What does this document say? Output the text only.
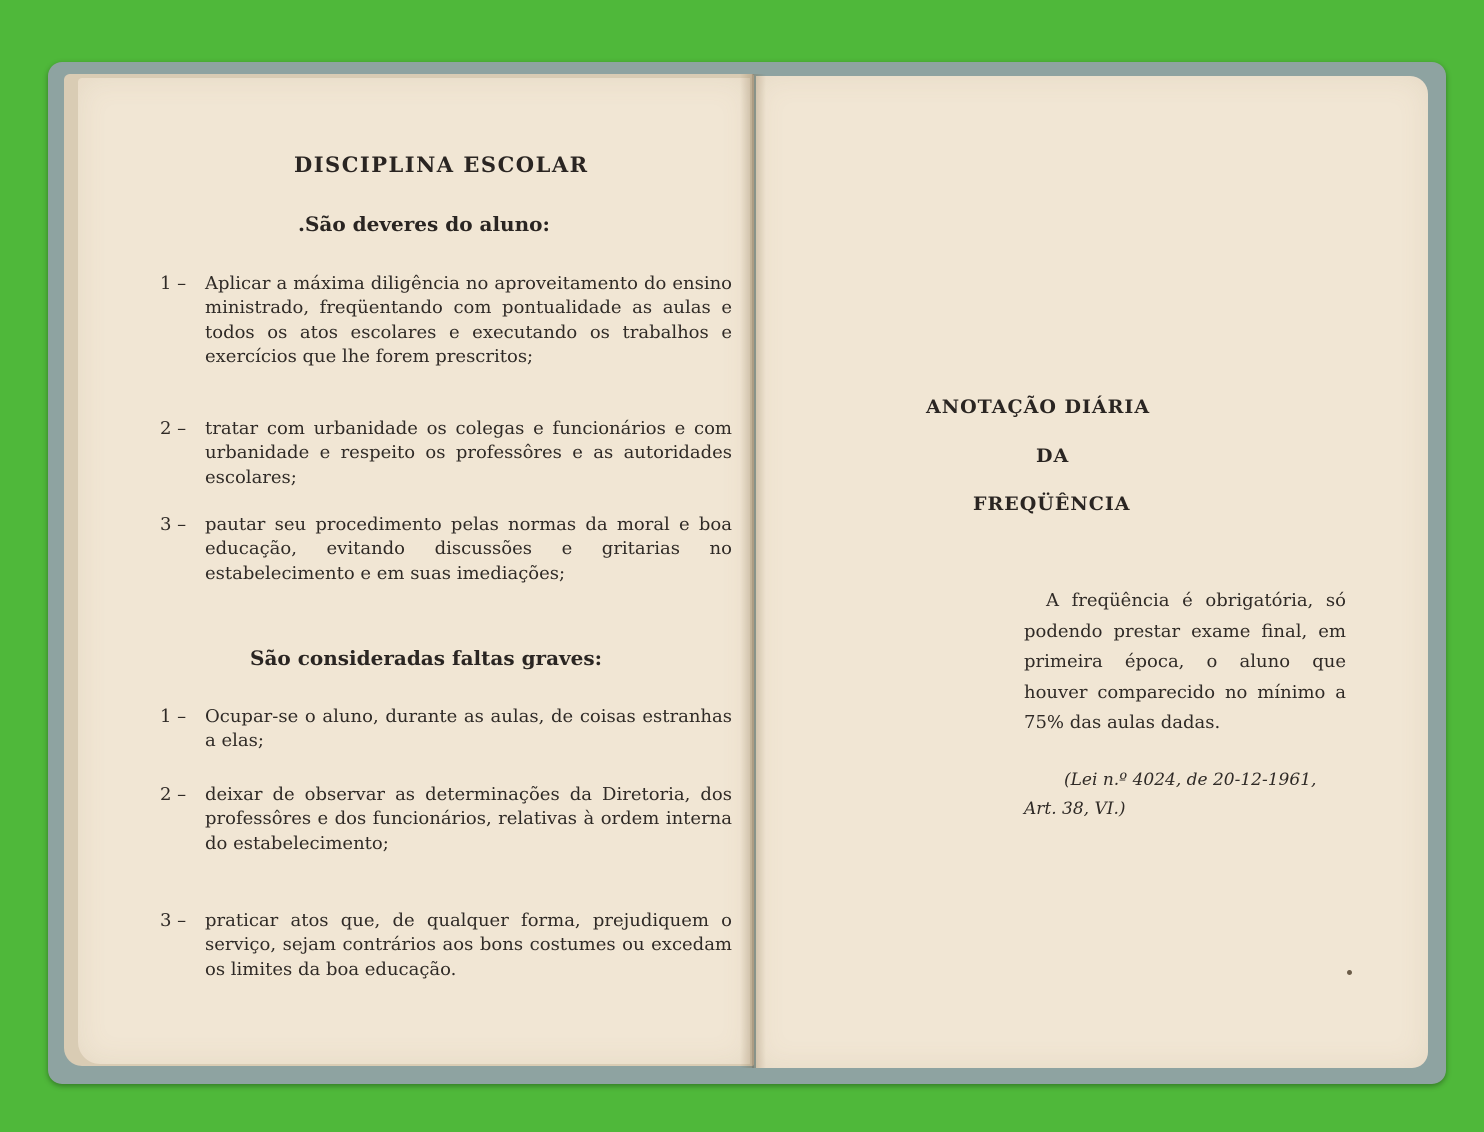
DISCIPLINA ESCOLAR
.São deveres do aluno:
1 – Aplicar a máxima diligência no aproveitamento do ensino ministrado, freqüentando com pontualidade as aulas e todos os atos escolares e executando os trabalhos e exercícios que lhe forem prescritos;
2 – tratar com urbanidade os colegas e funcionários e com urbanidade e respeito os professôres e as autoridades escolares;
3 – pautar seu procedimento pelas normas da moral e boa educação, evitando discussões e gritarias no estabelecimento e em suas imediações;
São consideradas faltas graves:
1 – Ocupar-se o aluno, durante as aulas, de coisas estranhas a elas;
2 – deixar de observar as determinações da Diretoria, dos professôres e dos funcionários, relativas à ordem interna do estabelecimento;
3 – praticar atos que, de qualquer forma, prejudiquem o serviço, sejam contrários aos bons costumes ou excedam os limites da boa educação.
ANOTAÇÃO DIÁRIA
DA
FREQÜÊNCIA
A freqüência é obrigatória, só podendo prestar exame final, em primeira época, o aluno que houver comparecido no mínimo a 75% das aulas dadas.
(Lei n.º 4024, de 20-12-1961, Art. 38, VI.)
